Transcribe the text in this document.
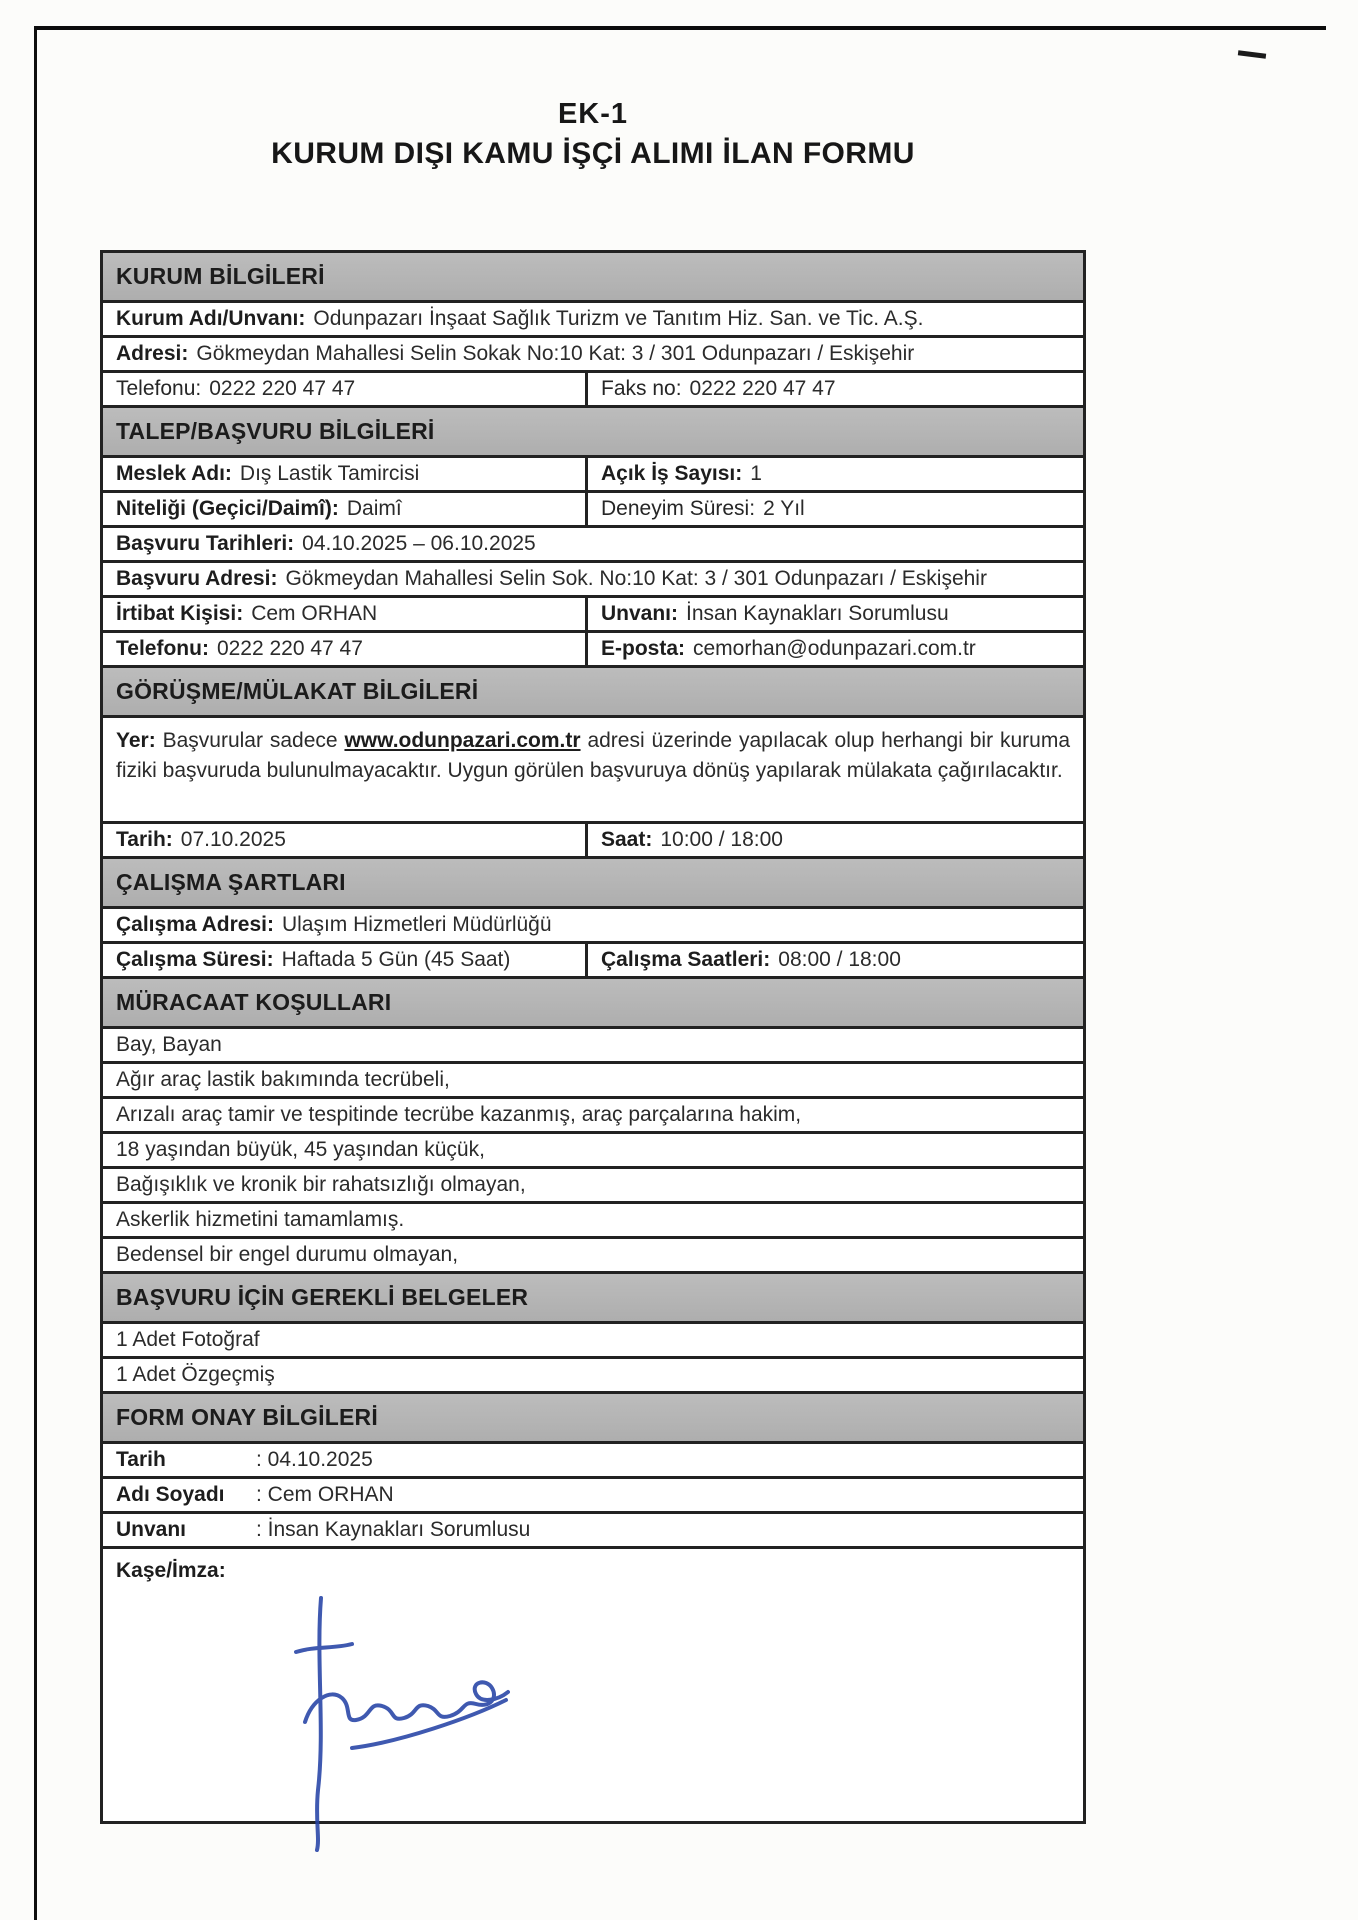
EK-1
KURUM DIŞI KAMU İŞÇİ ALIMI İLAN FORMU
KURUM BİLGİLERİ
Kurum Adı/Unvanı: Odunpazarı İnşaat Sağlık Turizm ve Tanıtım Hiz. San. ve Tic. A.Ş.
Adresi: Gökmeydan Mahallesi Selin Sokak No:10 Kat: 3 / 301 Odunpazarı / Eskişehir
Telefonu: 0222 220 47 47	Faks no: 0222 220 47 47
TALEP/BAŞVURU BİLGİLERİ
Meslek Adı: Dış Lastik Tamircisi	Açık İş Sayısı: 1
Niteliği (Geçici/Daimî): Daimî	Deneyim Süresi: 2 Yıl
Başvuru Tarihleri: 04.10.2025 – 06.10.2025
Başvuru Adresi: Gökmeydan Mahallesi Selin Sok. No:10 Kat: 3 / 301 Odunpazarı / Eskişehir
İrtibat Kişisi: Cem ORHAN	Unvanı: İnsan Kaynakları Sorumlusu
Telefonu: 0222 220 47 47	E-posta: cemorhan@odunpazari.com.tr
GÖRÜŞME/MÜLAKAT BİLGİLERİ
Yer: Başvurular sadece www.odunpazari.com.tr adresi üzerinde yapılacak olup herhangi bir kuruma fiziki başvuruda bulunulmayacaktır. Uygun görülen başvuruya dönüş yapılarak mülakata çağırılacaktır.
Tarih: 07.10.2025	Saat: 10:00 / 18:00
ÇALIŞMA ŞARTLARI
Çalışma Adresi: Ulaşım Hizmetleri Müdürlüğü
Çalışma Süresi: Haftada 5 Gün (45 Saat)	Çalışma Saatleri: 08:00 / 18:00
MÜRACAAT KOŞULLARI
Bay, Bayan
Ağır araç lastik bakımında tecrübeli,
Arızalı araç tamir ve tespitinde tecrübe kazanmış, araç parçalarına hakim,
18 yaşından büyük, 45 yaşından küçük,
Bağışıklık ve kronik bir rahatsızlığı olmayan,
Askerlik hizmetini tamamlamış.
Bedensel bir engel durumu olmayan,
BAŞVURU İÇİN GEREKLİ BELGELER
1 Adet Fotoğraf
1 Adet Özgeçmiş
FORM ONAY BİLGİLERİ
Tarih	: 04.10.2025
Adı Soyadı	: Cem ORHAN
Unvanı	: İnsan Kaynakları Sorumlusu
Kaşe/İmza:
